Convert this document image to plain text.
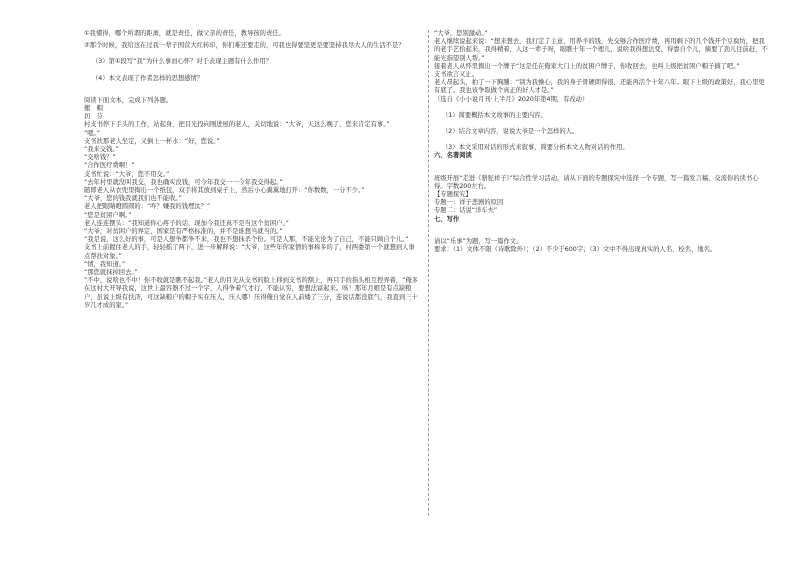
①我懂得，哪个所谓的距离，就是责任，做父亲的责任，教导孩的责任。
②那个时候，我给这在过我一辈子国营大红转印，你们难还要走的，可我也得要坚更是要坚持我尽大人的生活不是？
（3）第①段写“我”为什么事而心怀？对于表现主题有什么作用？
（4）本文表现了作者怎样的思想感情？
阅读下面文本，完成下列各题。
搬　帽
切　芬
村支书停下手头的工作，站起身，把目光投向刚进屋的老人，关切地说：“大爷，天这么晚了，您来肯定有事。”
“嗯。”
支书扶那老人坐定，又倒上一杯水：“好，您说。”
“我来交钱。”
“交啥钱？”
“合作医疗费啊！”
支书忙说：“大爷，您不用交。”
“去年村里就没叫我交，我也确实没钱，可今年我交一一今年我交得起。”
随即老人从衣兜里掏出一个纸包，双手将其放到桌子上，然后小心翼翼地打开：“你数数，一分不少。”
“大爷，您的钱我就我们也不能收。”
老人把眼睛瞪圆圆的：“咋？嫌我的钱埋汰？”
“您是贫困户啊。”
老人连连摆头：“我知道你心疼子的话，现加今我还真不是当这个贫困户。”
“大爷，对贫困户的界定，国家是有严格标准的，并不是谁想当就当的。”
“我是说，这么好的事，可是人想争都争不来，我也不想抹杀个份。可是人那，不能光论为了自己，不能只顾自个儿。”
支书上前握住老人的手，轻轻摇了两下，进一步解释说：“大爷，这些年你家情的事称多的了，村两委第一个就想到人事点帮扶对象。”
“情，我知道。”
“那您就抹掉回去。”
“不中，说啥也不中！你不收就是瞧不起我。”老人的目光从支书的脸上移到支书的额上，再只手的指头相互捏弄着，“俺多在这村大开导我说，这世上最容器不过一个字，人得争着气才行，不能认穷，要想法富起来。咳！那年月娘是有点缺粮户，虽说上级有扶济，可这缺粮户的帽子实在压人，压人哪！压得俺自觉在人前矮了三分，连说话都没底气，我直到三十岁几才成的家。”
“大爷，您别激动。”
老人继续说起来说：“想来想去，我打定了主意，用养羊的钱，先交够合作医疗费，再用剩下的几个钱开个豆腐坊，把我的老手艺拾起来，我得精着，人这一辈子呀，眼瞧十年一个理儿，说啥我得想法变，得靠自个儿，摘要了劲儿往前赶，不能光指望别人帮。”
接着老人从怀里掏出一个牌子“这是任在俺家大门上的贫困户牌子，你收回去，也叫上级把贫困户帽子摘了吧。”
支书欲言又止。
老人昂起头，拍了一下胸脯：“别为我操心，我的身子骨硬朗得很，还能再活个十年八年。眼下上级的政策好，我心里更有底了。我也该争取做个真正的好人才是。”
（选自《小小说月刊·上半月》2020年第4期，有改动）
（1）简要概括本文故事的主要内容。
（2）结合文章内容，说说大爷是一个怎样的人。
（3）本文采用对话的形式来叙事，简要分析本文人物对话的作用。
六、名著阅读
班级开展“走进《骆驼祥子》”综合性学习活动，请从下面的专题探究中选择一个专题，写一篇发言稿，交流你的读书心得。字数200左右。
【专题探究】
专题一：祥子悲剧的原因
专题二：话说“洋车夫”
七、写作
请以“乐事”为题，写一篇作文。
要求：（1）文体不限（诗歌除外）；（2）不少于600字；（3）文中不得出现真实的人名、校名、地名。
